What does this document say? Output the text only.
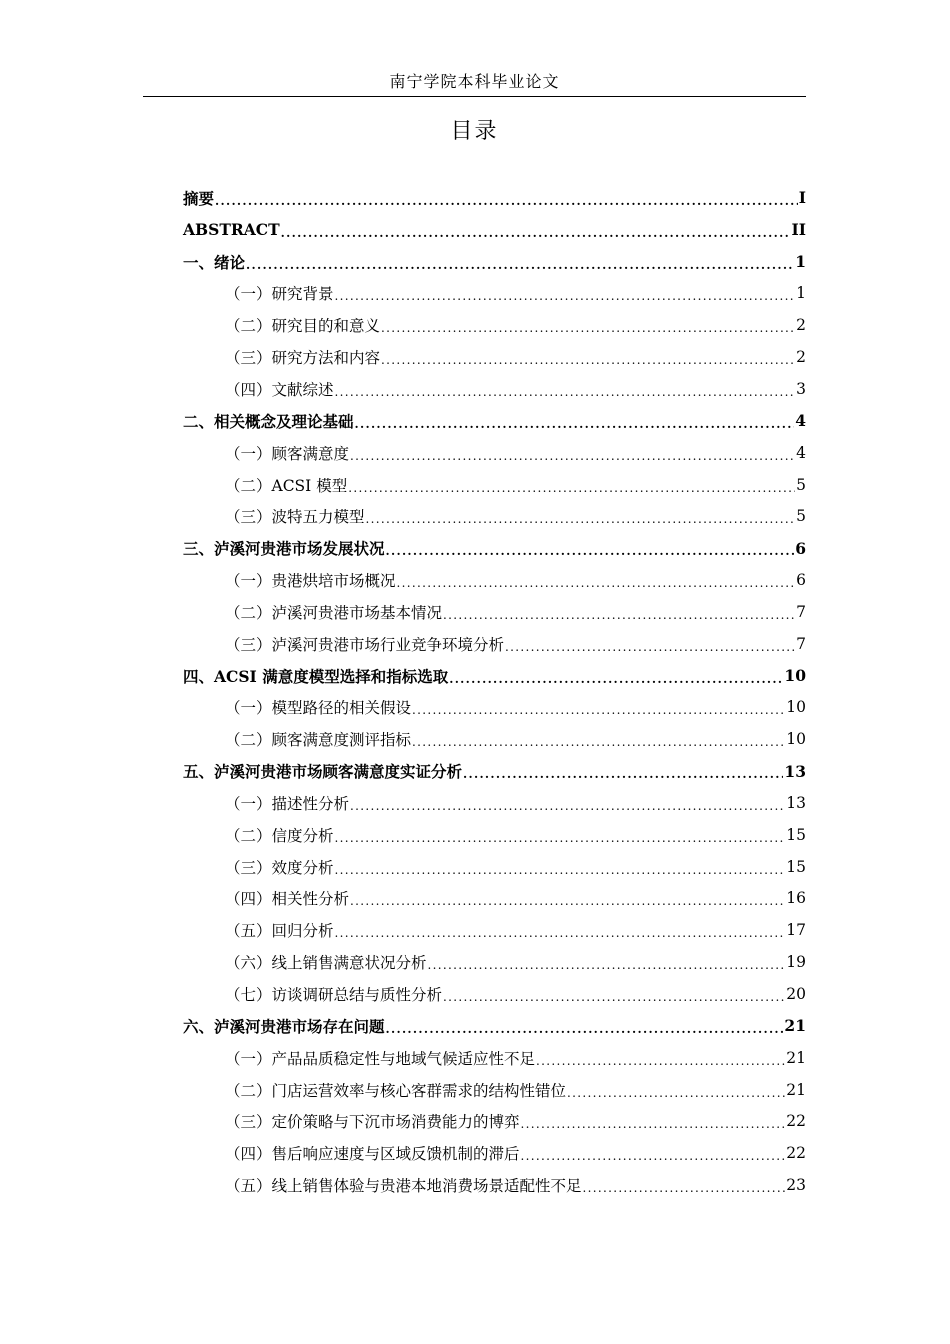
南宁学院本科毕业论文
目录
摘要 .....	I
ABSTRACT .....	II
一、绪论 .....	1
（一）研究背景 .....	1
（二）研究目的和意义 .....	2
（三）研究方法和内容 .....	2
（四）文献综述 .....	3
二、相关概念及理论基础 .....	4
（一）顾客满意度 .....	4
（二）ACSI 模型 .....	5
（三）波特五力模型 .....	5
三、泸溪河贵港市场发展状况 .....	6
（一）贵港烘培市场概况 .....	6
（二）泸溪河贵港市场基本情况 .....	7
（三）泸溪河贵港市场行业竞争环境分析 .....	7
四、ACSI 满意度模型选择和指标选取 .....	10
（一）模型路径的相关假设 .....	10
（二）顾客满意度测评指标 .....	10
五、泸溪河贵港市场顾客满意度实证分析 .....	13
（一）描述性分析 .....	13
（二）信度分析 .....	15
（三）效度分析 .....	15
（四）相关性分析 .....	16
（五）回归分析 .....	17
（六）线上销售满意状况分析 .....	19
（七）访谈调研总结与质性分析 .....	20
六、泸溪河贵港市场存在问题 .....	21
（一）产品品质稳定性与地域气候适应性不足 .....	21
（二）门店运营效率与核心客群需求的结构性错位 .....	21
（三）定价策略与下沉市场消费能力的博弈 .....	22
（四）售后响应速度与区域反馈机制的滞后 .....	22
（五）线上销售体验与贵港本地消费场景适配性不足 .....	23
